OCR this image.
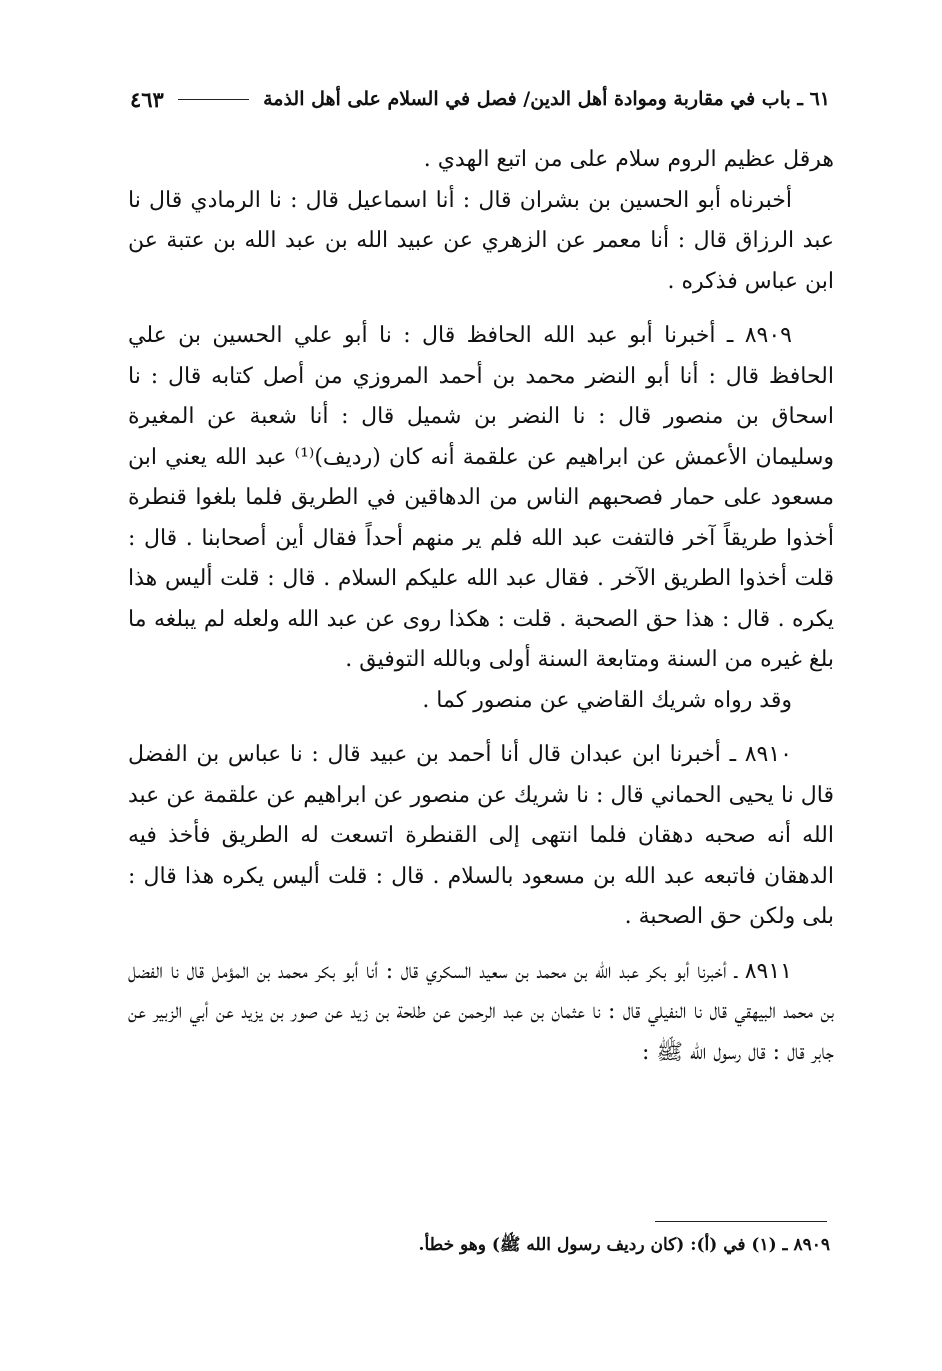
٦١ ـ باب في مقاربة وموادة أهل الدين/ فصل في السلام على أهل الذمة
٤٦٣

هرقل عظيم الروم سلام على من اتبع الهدي .

أخبرناه أبو الحسين بن بشران قال : أنا اسماعيل قال : نا الرمادي قال نا عبد الرزاق قال : أنا معمر عن الزهري عن عبيد الله بن عبد الله بن عتبة عن ابن عباس فذكره .

٨٩٠٩ ـ أخبرنا أبو عبد الله الحافظ قال : نا أبو علي الحسين بن علي الحافظ قال : أنا أبو النضر محمد بن أحمد المروزي من أصل كتابه قال : نا اسحاق بن منصور قال : نا النضر بن شميل قال : أنا شعبة عن المغيرة وسليمان الأعمش عن ابراهيم عن علقمة أنه كان (رديف)⁽¹⁾ عبد الله يعني ابن مسعود على حمار فصحبهم الناس من الدهاقين في الطريق فلما بلغوا قنطرة أخذوا طريقاً آخر فالتفت عبد الله فلم ير منهم أحداً فقال أين أصحابنا . قال : قلت أخذوا الطريق الآخر . فقال عبد الله عليكم السلام . قال : قلت أليس هذا يكره . قال : هذا حق الصحبة . قلت : هكذا روى عن عبد الله ولعله لم يبلغه ما بلغ غيره من السنة ومتابعة السنة أولى وبالله التوفيق .

وقد رواه شريك القاضي عن منصور كما .

٨٩١٠ ـ أخبرنا ابن عبدان قال أنا أحمد بن عبيد قال : نا عباس بن الفضل قال نا يحيى الحماني قال : نا شريك عن منصور عن ابراهيم عن علقمة عن عبد الله أنه صحبه دهقان فلما انتهى إلى القنطرة اتسعت له الطريق فأخذ فيه الدهقان فاتبعه عبد الله بن مسعود بالسلام . قال : قلت أليس يكره هذا قال : بلى ولكن حق الصحبة .

٨٩١١ ـ أخبرنا أبو بكر عبد الله بن محمد بن سعيد السكري قال : أنا أبو بكر محمد بن المؤمل قال نا الفضل بن محمد البيهقي قال نا النفيلي قال : نا عثمان بن عبد الرحمن عن طلحة بن زيد عن صور بن يزيد عن أبي الزبير عن جابر قال : قال رسول الله ﷺ :

٨٩٠٩ ـ (١) في (أ): (كان رديف رسول الله ﷺ) وهو خطأ.
